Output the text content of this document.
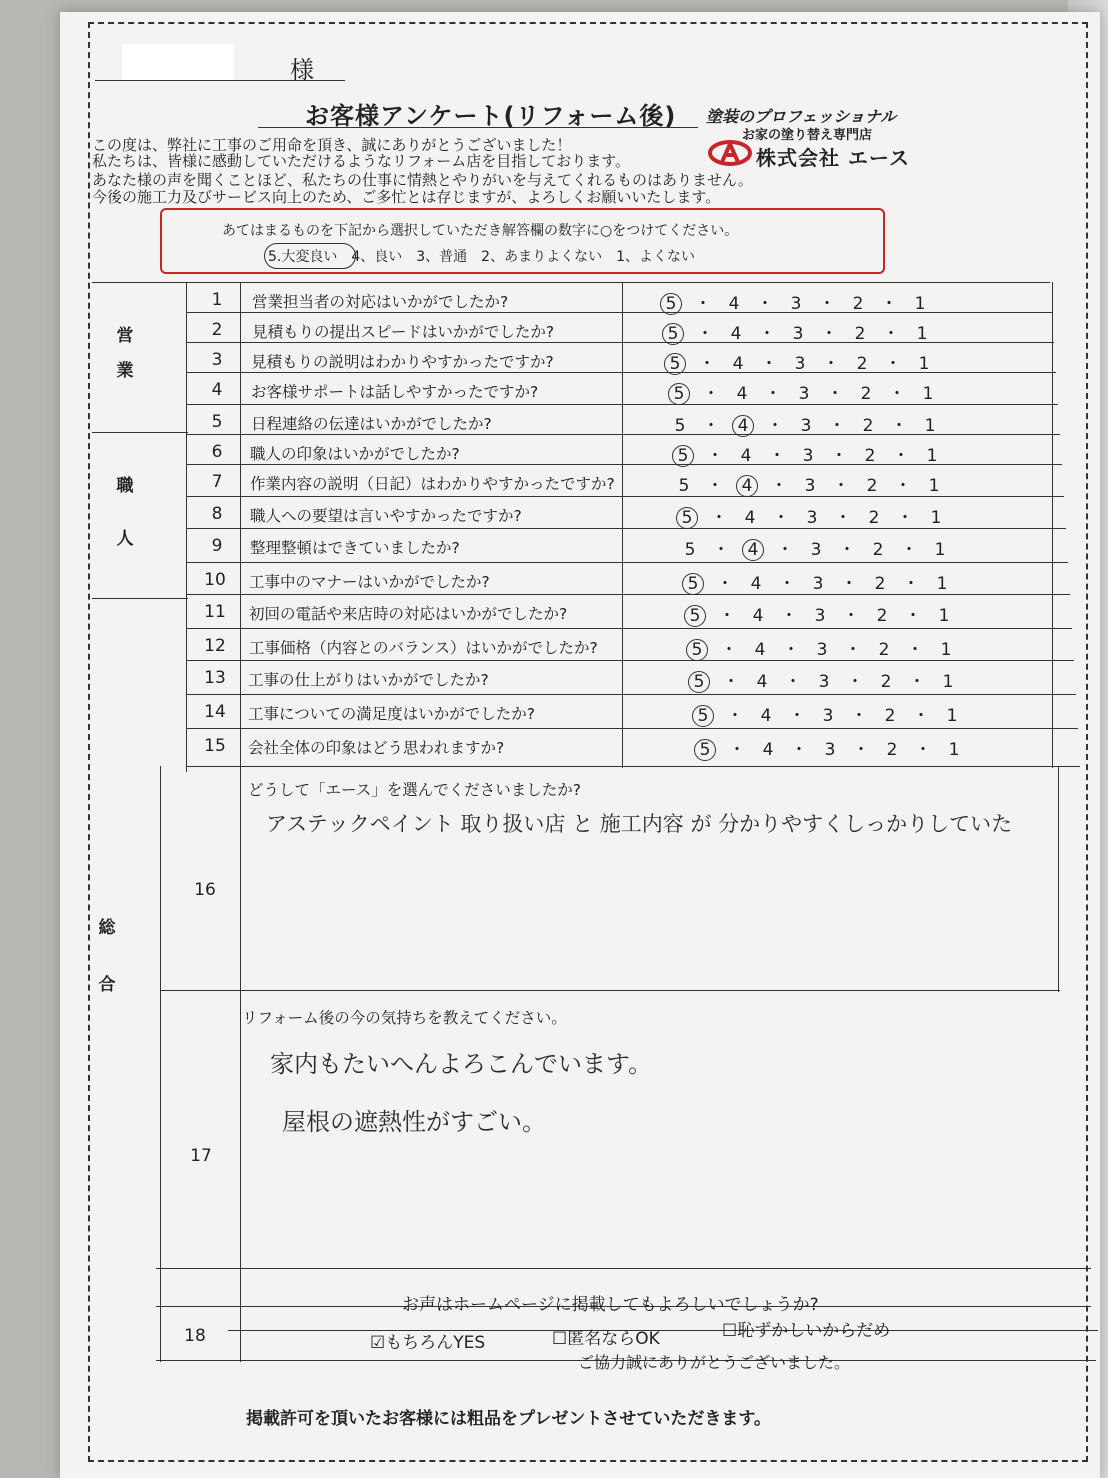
様
お客様アンケート(リフォーム後) 塗装のプロフェッショナル
お家の塗り替え専門店
株式会社 エース
この度は、弊社に工事のご用命を頂き、誠にありがとうございました！
私たちは、皆様に感動していただけるようなリフォーム店を目指しております。
あなた様の声を聞くことほど、私たちの仕事に情熱とやりがいを与えてくれるものはありません。
今後の施工力及びサービス向上のため、ご多忙とは存じますが、よろしくお願いいたします。
あてはまるものを下記から選択していただき解答欄の数字に○をつけてください。
5.大変良い　4、良い　3、普通　2、あまりよくない　1、よくない
営業
職人
総合
1	営業担当者の対応はいかがでしたか?	5 ・ 4 ・ 3 ・ 2 ・ 1
2	見積もりの提出スピードはいかがでしたか?	5 ・ 4 ・ 3 ・ 2 ・ 1
3	見積もりの説明はわかりやすかったですか?	5 ・ 4 ・ 3 ・ 2 ・ 1
4	お客様サポートは話しやすかったですか?	5 ・ 4 ・ 3 ・ 2 ・ 1
5	日程連絡の伝達はいかがでしたか?	5 ・ 4 ・ 3 ・ 2 ・ 1
6	職人の印象はいかがでしたか?	5 ・ 4 ・ 3 ・ 2 ・ 1
7	作業内容の説明（日記）はわかりやすかったですか?	5 ・ 4 ・ 3 ・ 2 ・ 1
8	職人への要望は言いやすかったですか?	5 ・ 4 ・ 3 ・ 2 ・ 1
9	整理整頓はできていましたか?	5 ・ 4 ・ 3 ・ 2 ・ 1
10	工事中のマナーはいかがでしたか?	5 ・ 4 ・ 3 ・ 2 ・ 1
11	初回の電話や来店時の対応はいかがでしたか?	5 ・ 4 ・ 3 ・ 2 ・ 1
12	工事価格（内容とのバランス）はいかがでしたか?	5 ・ 4 ・ 3 ・ 2 ・ 1
13	工事の仕上がりはいかがでしたか?	5 ・ 4 ・ 3 ・ 2 ・ 1
14	工事についての満足度はいかがでしたか?	5 ・ 4 ・ 3 ・ 2 ・ 1
15	会社全体の印象はどう思われますか?	5 ・ 4 ・ 3 ・ 2 ・ 1
16
どうして「エース」を選んでくださいましたか?
アステックペイント 取り扱い店 と 施工内容 が 分かりやすくしっかりしていた
17
リフォーム後の今の気持ちを教えてください。
家内もたいへんよろこんでいます。
屋根の遮熱性がすごい。
18
お声はホームページに掲載してもよろしいでしょうか?
☑もちろんYES	☐匿名ならOK	☐恥ずかしいからだめ
ご協力誠にありがとうございました。
掲載許可を頂いたお客様には粗品をプレゼントさせていただきます。
